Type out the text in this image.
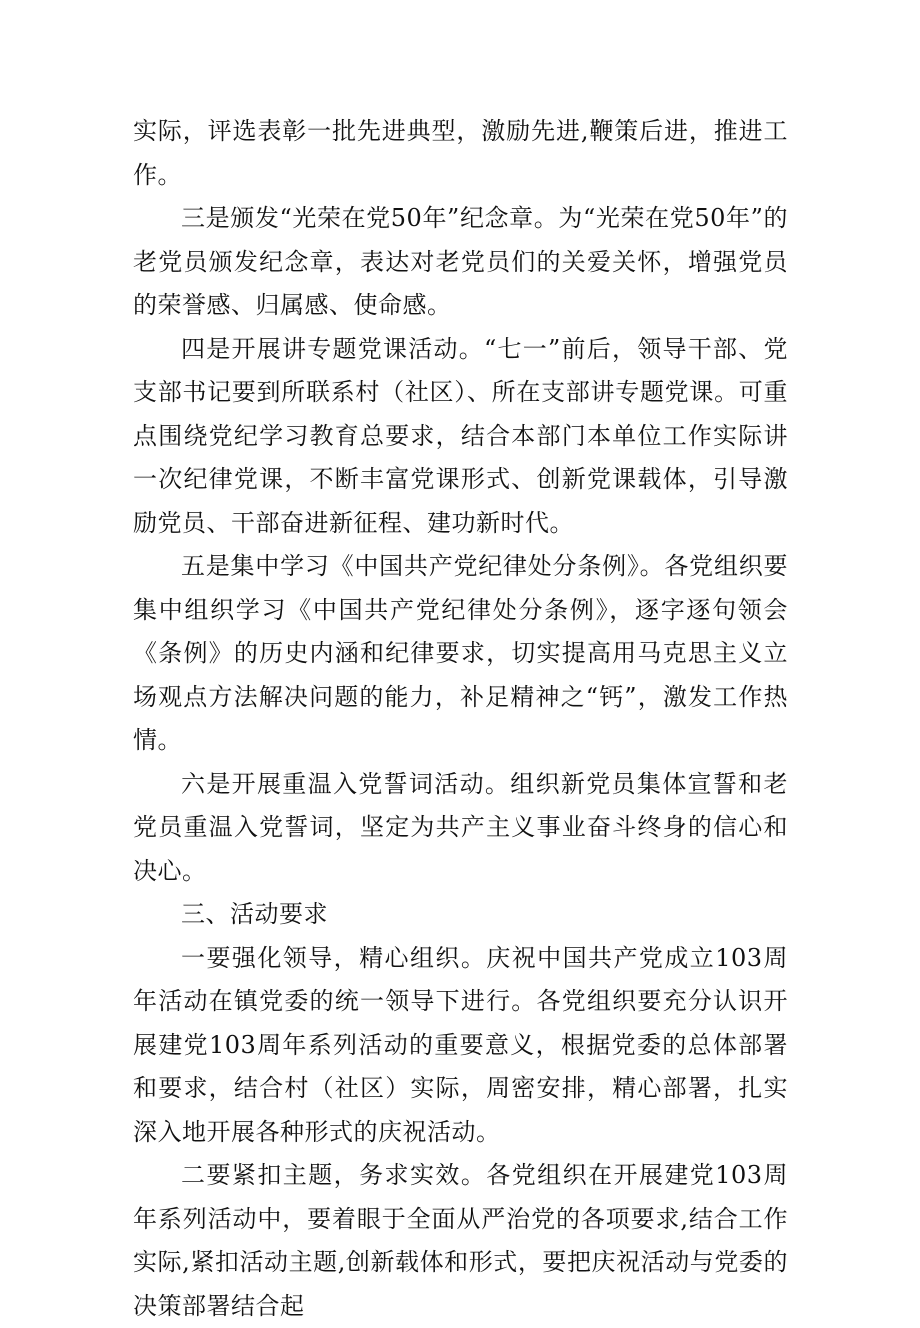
实际，评选表彰一批先进典型，激励先进,鞭策后进，推进工作。

三是颁发“光荣在党50年”纪念章。为“光荣在党50年”的老党员颁发纪念章，表达对老党员们的关爱关怀，增强党员的荣誉感、归属感、使命感。

四是开展讲专题党课活动。“七一”前后，领导干部、党支部书记要到所联系村（社区）、所在支部讲专题党课。可重点围绕党纪学习教育总要求，结合本部门本单位工作实际讲一次纪律党课，不断丰富党课形式、创新党课载体，引导激励党员、干部奋进新征程、建功新时代。

五是集中学习《中国共产党纪律处分条例》。各党组织要集中组织学习《中国共产党纪律处分条例》，逐字逐句领会《条例》的历史内涵和纪律要求，切实提高用马克思主义立场观点方法解决问题的能力，补足精神之“钙”，激发工作热情。

六是开展重温入党誓词活动。组织新党员集体宣誓和老党员重温入党誓词，坚定为共产主义事业奋斗终身的信心和决心。

三、活动要求

一要强化领导，精心组织。庆祝中国共产党成立103周年活动在镇党委的统一领导下进行。各党组织要充分认识开展建党103周年系列活动的重要意义，根据党委的总体部署和要求，结合村（社区）实际，周密安排，精心部署，扎实深入地开展各种形式的庆祝活动。

二要紧扣主题，务求实效。各党组织在开展建党103周年系列活动中，要着眼于全面从严治党的各项要求,结合工作实际,紧扣活动主题,创新载体和形式，要把庆祝活动与党委的决策部署结合起
